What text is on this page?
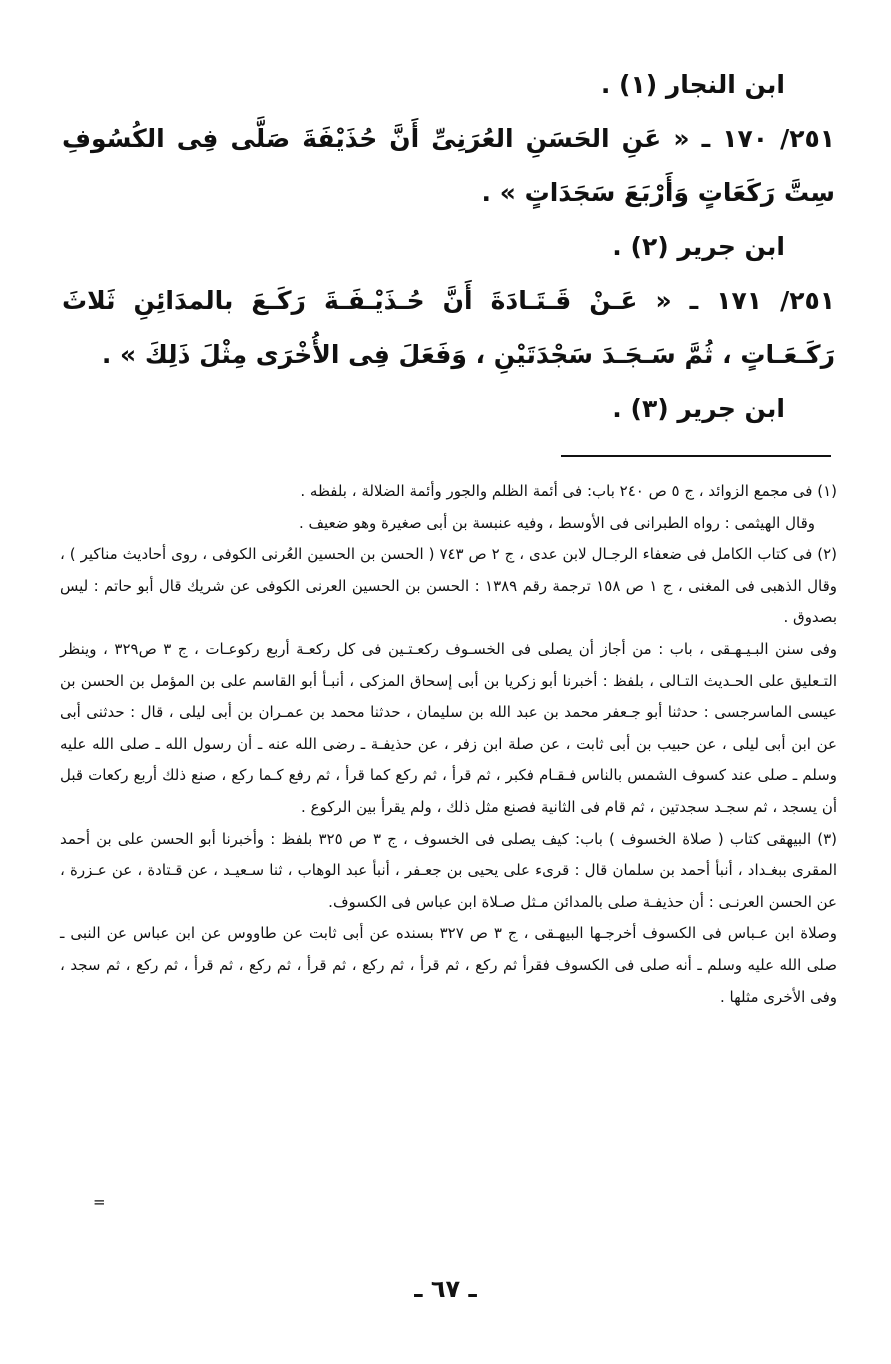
ابن النجار (١) .

٢٥١/ ١٧٠ ـ « عَنِ الحَسَنِ العُرَنِىِّ أَنَّ حُذَيْفَةَ صَلَّى فِى الكُسُوفِ سِتَّ رَكَعَاتٍ وَأَرْبَعَ سَجَدَاتٍ » .

ابن جرير (٢) .

٢٥١/ ١٧١ ـ « عَـنْ قَـتَـادَةَ أَنَّ حُـذَيْـفَـةَ رَكَـعَ بالمدَائِنِ ثَلاثَ رَكَـعَـاتٍ ، ثُمَّ سَـجَـدَ سَجْدَتَيْنِ ، وَفَعَلَ فِى الأُخْرَى مِثْلَ ذَلِكَ » .

ابن جرير (٣) .

(١) فى مجمع الزوائد ، ج ٥ ص ٢٤٠ باب: فى أئمة الظلم والجور وأئمة الضلالة ، بلفظه .

وقال الهيثمى : رواه الطبرانى فى الأوسط ، وفيه عنبسة بن أبى صغيرة وهو ضعيف .

(٢) فى كتاب الكامل فى ضعفاء الرجـال لابن عدى ، ج ٢ ص ٧٤٣ ( الحسن بن الحسين العُرنى الكوفى ، روى أحاديث مناكير ) ، وقال الذهبى فى المغنى ، ج ١ ص ١٥٨ ترجمة رقم ١٣٨٩ : الحسن بن الحسين العرنى الكوفى عن شريك قال أبو حاتم : ليس بصدوق .

وفى سنن البـيـهـقى ، باب : من أجاز أن يصلى فى الخسـوف ركعـتـين فى كل ركعـة أربع ركوعـات ، ج ٣ ص٣٢٩ ، وينظر التـعليق على الحـديث التـالى ، بلفظ : أخبرنا أبو زكريا بن أبى إسحاق المزكى ، أنبـأ أبو القاسم على بن المؤمل بن الحسن بن عيسى الماسرجسى : حدثنا أبو جـعفر محمد بن عبد الله بن سليمان ، حدثنا محمد بن عمـران بن أبى ليلى ، قال : حدثنى أبى عن ابن أبى ليلى ، عن حبيب بن أبى ثابت ، عن صلة ابن زفر ، عن حذيفـة ـ رضى الله عنه ـ أن رسول الله ـ صلى الله عليه وسلم ـ صلى عند كسوف الشمس بالناس فـقـام فكبر ، ثم قرأ ، ثم ركع كما قرأ ، ثم رفع كـما ركع ، صنع ذلك أربع ركعات قبل أن يسجد ، ثم سجـد سجدتين ، ثم قام فى الثانية فصنع مثل ذلك ، ولم يقرأ بين الركوع .

(٣) البيهقى كتاب ( صلاة الخسوف ) باب: كيف يصلى فى الخسوف ، ج ٣ ص ٣٢٥ بلفظ : وأخبرنا أبو الحسن على بن أحمد المقرى ببغـداد ، أنبأ أحمد بن سلمان قال : قرىء على يحيى بن جعـفر ، أنبأ عبد الوهاب ، ثنا سـعيـد ، عن قـتادة ، عن عـزرة ، عن الحسن العرنـى : أن حذيفـة صلى بالمدائن مـثل صـلاة ابن عباس فى الكسوف.

وصلاة ابن عـباس فى الكسوف أخرجـها البيهـقى ، ج ٣ ص ٣٢٧ بسنده عن أبى ثابت عن طاووس عن ابن عباس عن النبى ـ صلى الله عليه وسلم ـ أنه صلى فى الكسوف فقرأ ثم ركع ، ثم قرأ ، ثم ركع ، ثم قرأ ، ثم ركع ، ثم قرأ ، ثم ركع ، ثم سجد ، وفى الأخرى مثلها .

=
ـ ٦٧ ـ
